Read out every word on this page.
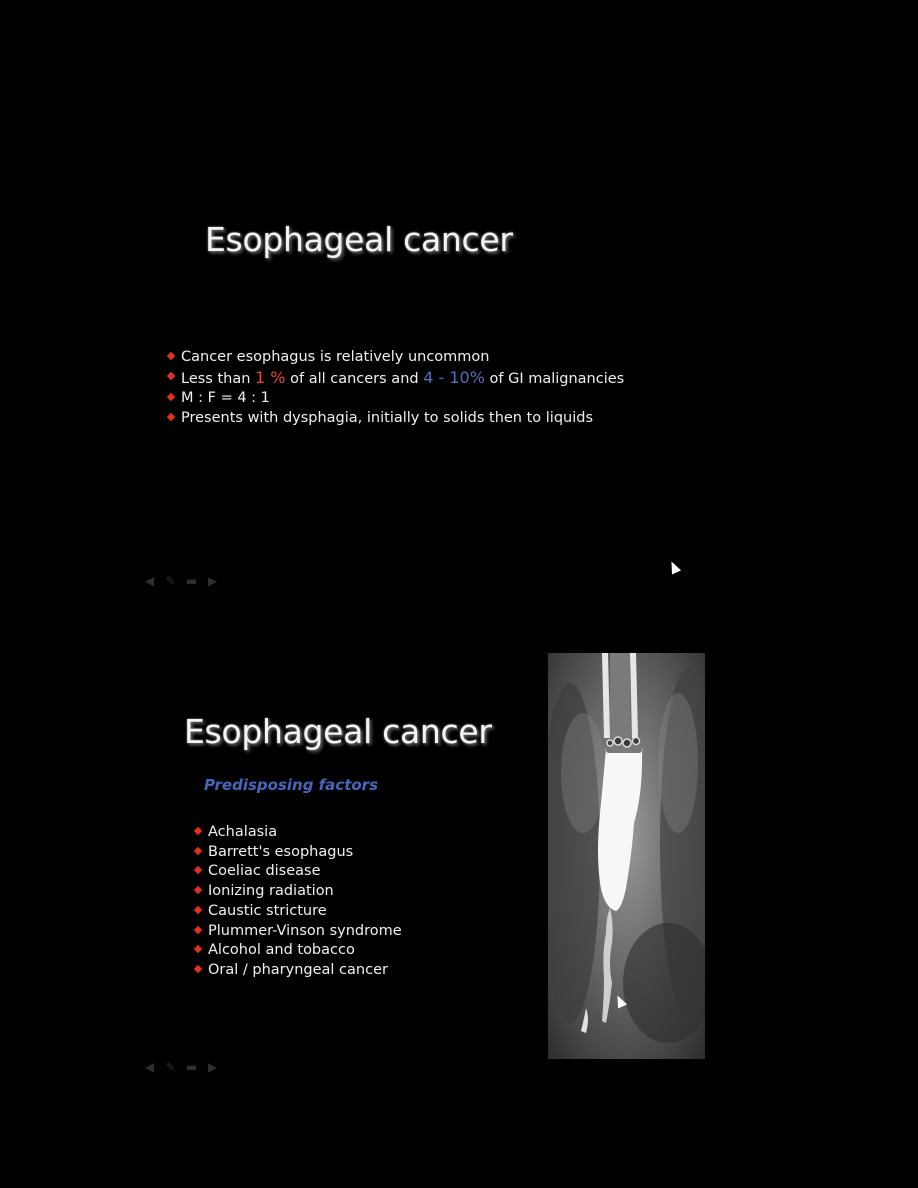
Esophageal cancer
Cancer esophagus is relatively uncommon
Less than 1 % of all cancers and 4 - 10% of GI malignancies
M : F = 4 : 1
Presents with dysphagia, initially to solids then to liquids
◀ ✎ ▬ ▶
Esophageal cancer
Predisposing factors
Achalasia
Barrett's esophagus
Coeliac disease
Ionizing radiation
Caustic stricture
Plummer-Vinson syndrome
Alcohol and tobacco
Oral / pharyngeal cancer
◀ ✎ ▬ ▶
